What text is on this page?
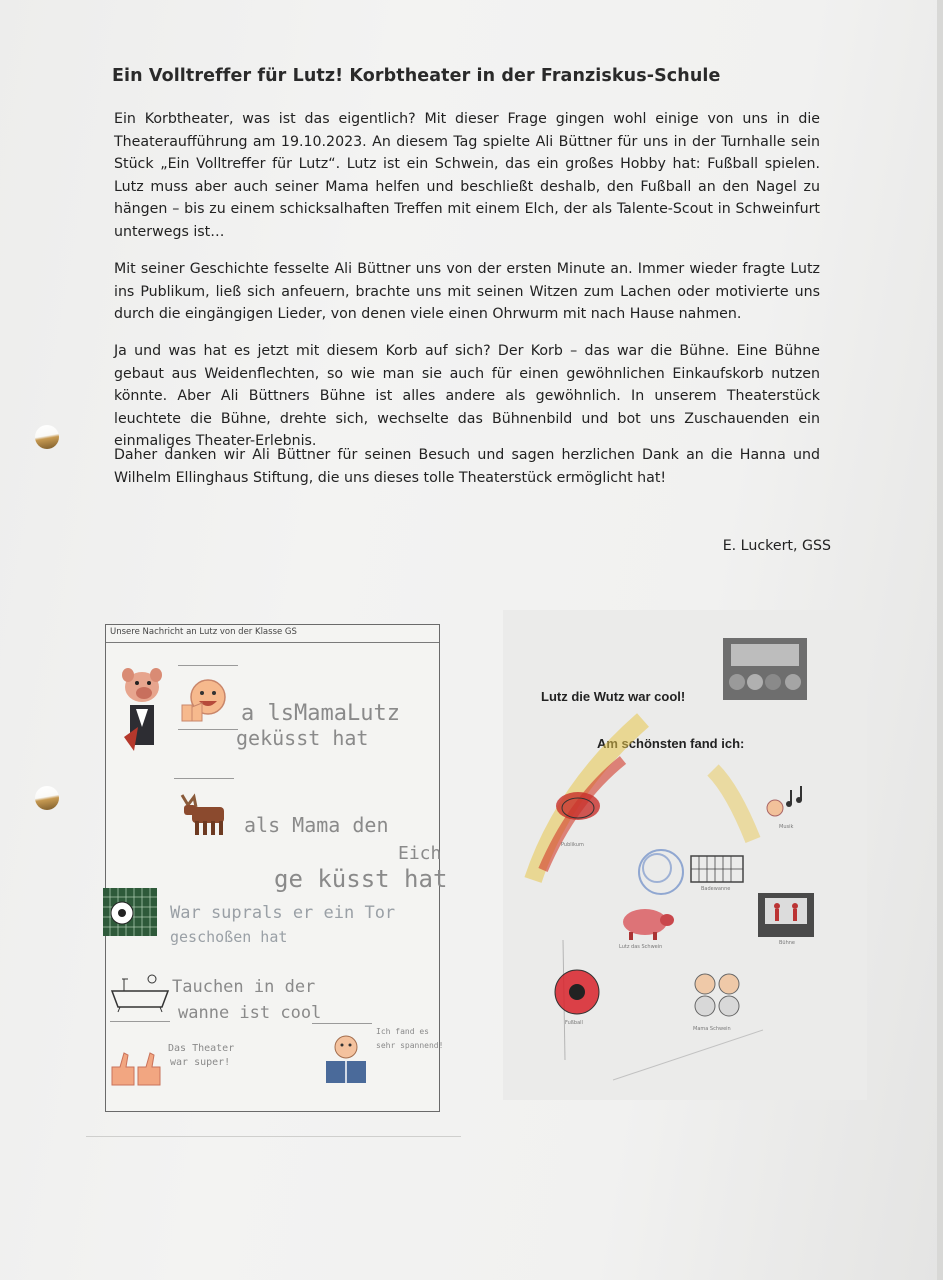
Ein Volltreffer für Lutz! Korbtheater in der Franziskus-Schule

Ein Korbtheater, was ist das eigentlich? Mit dieser Frage gingen wohl einige von uns in die Theateraufführung am 19.10.2023. An diesem Tag spielte Ali Büttner für uns in der Turnhalle sein Stück „Ein Volltreffer für Lutz“. Lutz ist ein Schwein, das ein großes Hobby hat: Fußball spielen. Lutz muss aber auch seiner Mama helfen und beschließt deshalb, den Fußball an den Nagel zu hängen – bis zu einem schicksalhaften Treffen mit einem Elch, der als Talente-Scout in Schweinfurt unterwegs ist…

Mit seiner Geschichte fesselte Ali Büttner uns von der ersten Minute an. Immer wieder fragte Lutz ins Publikum, ließ sich anfeuern, brachte uns mit seinen Witzen zum Lachen oder motivierte uns durch die eingängigen Lieder, von denen viele einen Ohrwurm mit nach Hause nahmen.

Ja und was hat es jetzt mit diesem Korb auf sich? Der Korb – das war die Bühne. Eine Bühne gebaut aus Weidenflechten, so wie man sie auch für einen gewöhnlichen Einkaufskorb nutzen könnte. Aber Ali Büttners Bühne ist alles andere als gewöhnlich. In unserem Theaterstück leuchtete die Bühne, drehte sich, wechselte das Bühnenbild und bot uns Zuschauenden ein einmaliges Theater-Erlebnis.

Daher danken wir Ali Büttner für seinen Besuch und sagen herzlichen Dank an die Hanna und Wilhelm Ellinghaus Stiftung, die uns dieses tolle Theaterstück ermöglicht hat!

E. Luckert, GSS
Unsere Nachricht an Lutz von der Klasse GS
a lsMamaLutz
geküsst hat
als Mama den
Eich
ge küsst hat
War suprals er ein Tor
geschoßen hat
Tauchen in der
wanne ist cool
Das Theater
war super!
Ich fand es
sehr spannend!
Lutz die Wutz war cool!
Am schönsten fand ich:
Publikum
Musik
Badewanne
Lutz das Schwein
Bühne
Fußball
Mama Schwein
